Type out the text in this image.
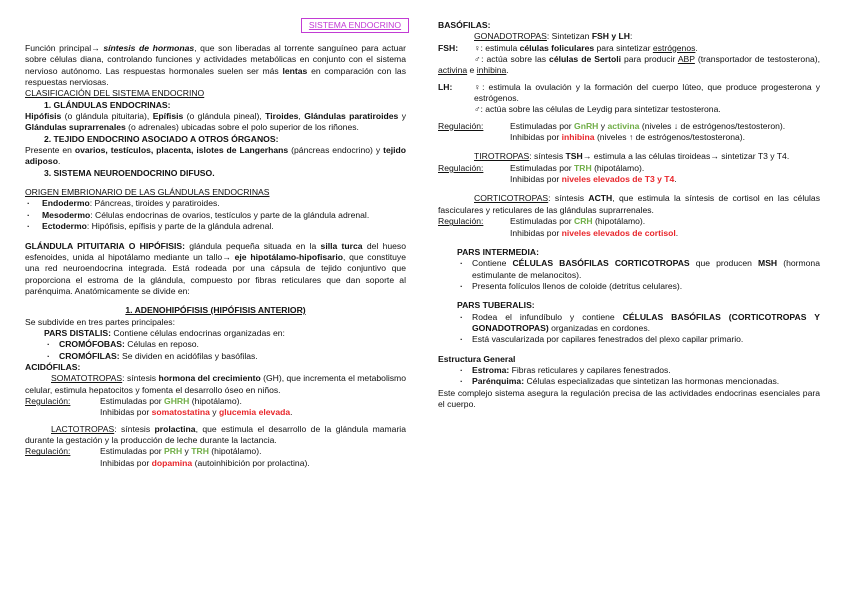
SISTEMA ENDOCRINO

Función principal→ síntesis de hormonas, que son liberadas al torrente sanguíneo para actuar sobre células diana, controlando funciones y actividades metabólicas en conjunto con el sistema nervioso autónomo. Las respuestas hormonales suelen ser más lentas en comparación con las respuestas nerviosas.

CLASIFICACIÓN DEL SISTEMA ENDOCRINO

1. GLÁNDULAS ENDOCRINAS:

Hipófisis (o glándula pituitaria), Epífisis (o glándula pineal), Tiroides, Glándulas paratiroides y Glándulas suprarrenales (o adrenales) ubicadas sobre el polo superior de los riñones.

2. TEJIDO ENDOCRINO ASOCIADO A OTROS ÓRGANOS:

Presente en ovarios, testículos, placenta, islotes de Langerhans (páncreas endocrino) y tejido adiposo.

3. SISTEMA NEUROENDOCRINO DIFUSO.

ORIGEN EMBRIONARIO DE LAS GLÁNDULAS ENDOCRINAS

· Endodermo: Páncreas, tiroides y paratiroides.

· Mesodermo: Células endocrinas de ovarios, testículos y parte de la glándula adrenal.

· Ectodermo: Hipófisis, epífisis y parte de la glándula adrenal.

GLÁNDULA PITUITARIA O HIPÓFISIS: glándula pequeña situada en la silla turca del hueso esfenoides, unida al hipotálamo mediante un tallo→ eje hipotálamo-hipofisario, que constituye una red neuroendocrina integrada. Está rodeada por una cápsula de tejido conjuntivo que proporciona el estroma de la glándula, compuesto por fibras reticulares que dan soporte al parénquima. Anatómicamente se divide en:

1. ADENOHIPÓFISIS (HIPÓFISIS ANTERIOR)

Se subdivide en tres partes principales:

PARS DISTALIS: Contiene células endocrinas organizadas en:

· CROMÓFOBAS: Células en reposo.

· CROMÓFILAS: Se dividen en acidófilas y basófilas.

ACIDÓFILAS:

SOMATOTROPAS: síntesis hormona del crecimiento (GH), que incrementa el metabolismo celular, estimula hepatocitos y fomenta el desarrollo óseo en niños.

Regulación:	Estimuladas por GHRH (hipotálamo).

Inhibidas por somatostatina y glucemia elevada.

LACTOTROPAS: síntesis prolactina, que estimula el desarrollo de la glándula mamaria durante la gestación y la producción de leche durante la lactancia.

Regulación:	Estimuladas por PRH y TRH (hipotálamo).

Inhibidas por dopamina (autoinhibición por prolactina).

BASÓFILAS:

GONADOTROPAS: Sintetizan FSH y LH:

FSH:	♀: estimula células foliculares para sintetizar estrógenos.

♂: actúa sobre las células de Sertoli para producir ABP (transportador de testosterona), activina e inhibina.

LH:	♀: estimula la ovulación y la formación del cuerpo lúteo, que produce progesterona y estrógenos.

♂: actúa sobre las células de Leydig para sintetizar testosterona.

Regulación:	Estimuladas por GnRH y activina (niveles ↓ de estrógenos/testosteron).

Inhibidas por inhibina (niveles ↑ de estrógenos/testosterona).

TIROTROPAS: síntesis TSH→ estimula a las células tiroideas→ sintetizar T3 y T4.

Regulación:	Estimuladas por TRH (hipotálamo).

Inhibidas por niveles elevados de T3 y T4.

CORTICOTROPAS: síntesis ACTH, que estimula la síntesis de cortisol en las células fasciculares y reticulares de las glándulas suprarrenales.

Regulación:	Estimuladas por CRH (hipotálamo).

Inhibidas por niveles elevados de cortisol.

PARS INTERMEDIA:

· Contiene CÉLULAS BASÓFILAS CORTICOTROPAS que producen MSH (hormona estimulante de melanocitos).

· Presenta folículos llenos de coloide (detritus celulares).

PARS TUBERALIS:

· Rodea el infundíbulo y contiene CÉLULAS BASÓFILAS (CORTICOTROPAS Y GONADOTROPAS) organizadas en cordones.

· Está vascularizada por capilares fenestrados del plexo capilar primario.

Estructura General

· Estroma: Fibras reticulares y capilares fenestrados.

· Parénquima: Células especializadas que sintetizan las hormonas mencionadas.

Este complejo sistema asegura la regulación precisa de las actividades endocrinas esenciales para el cuerpo.
